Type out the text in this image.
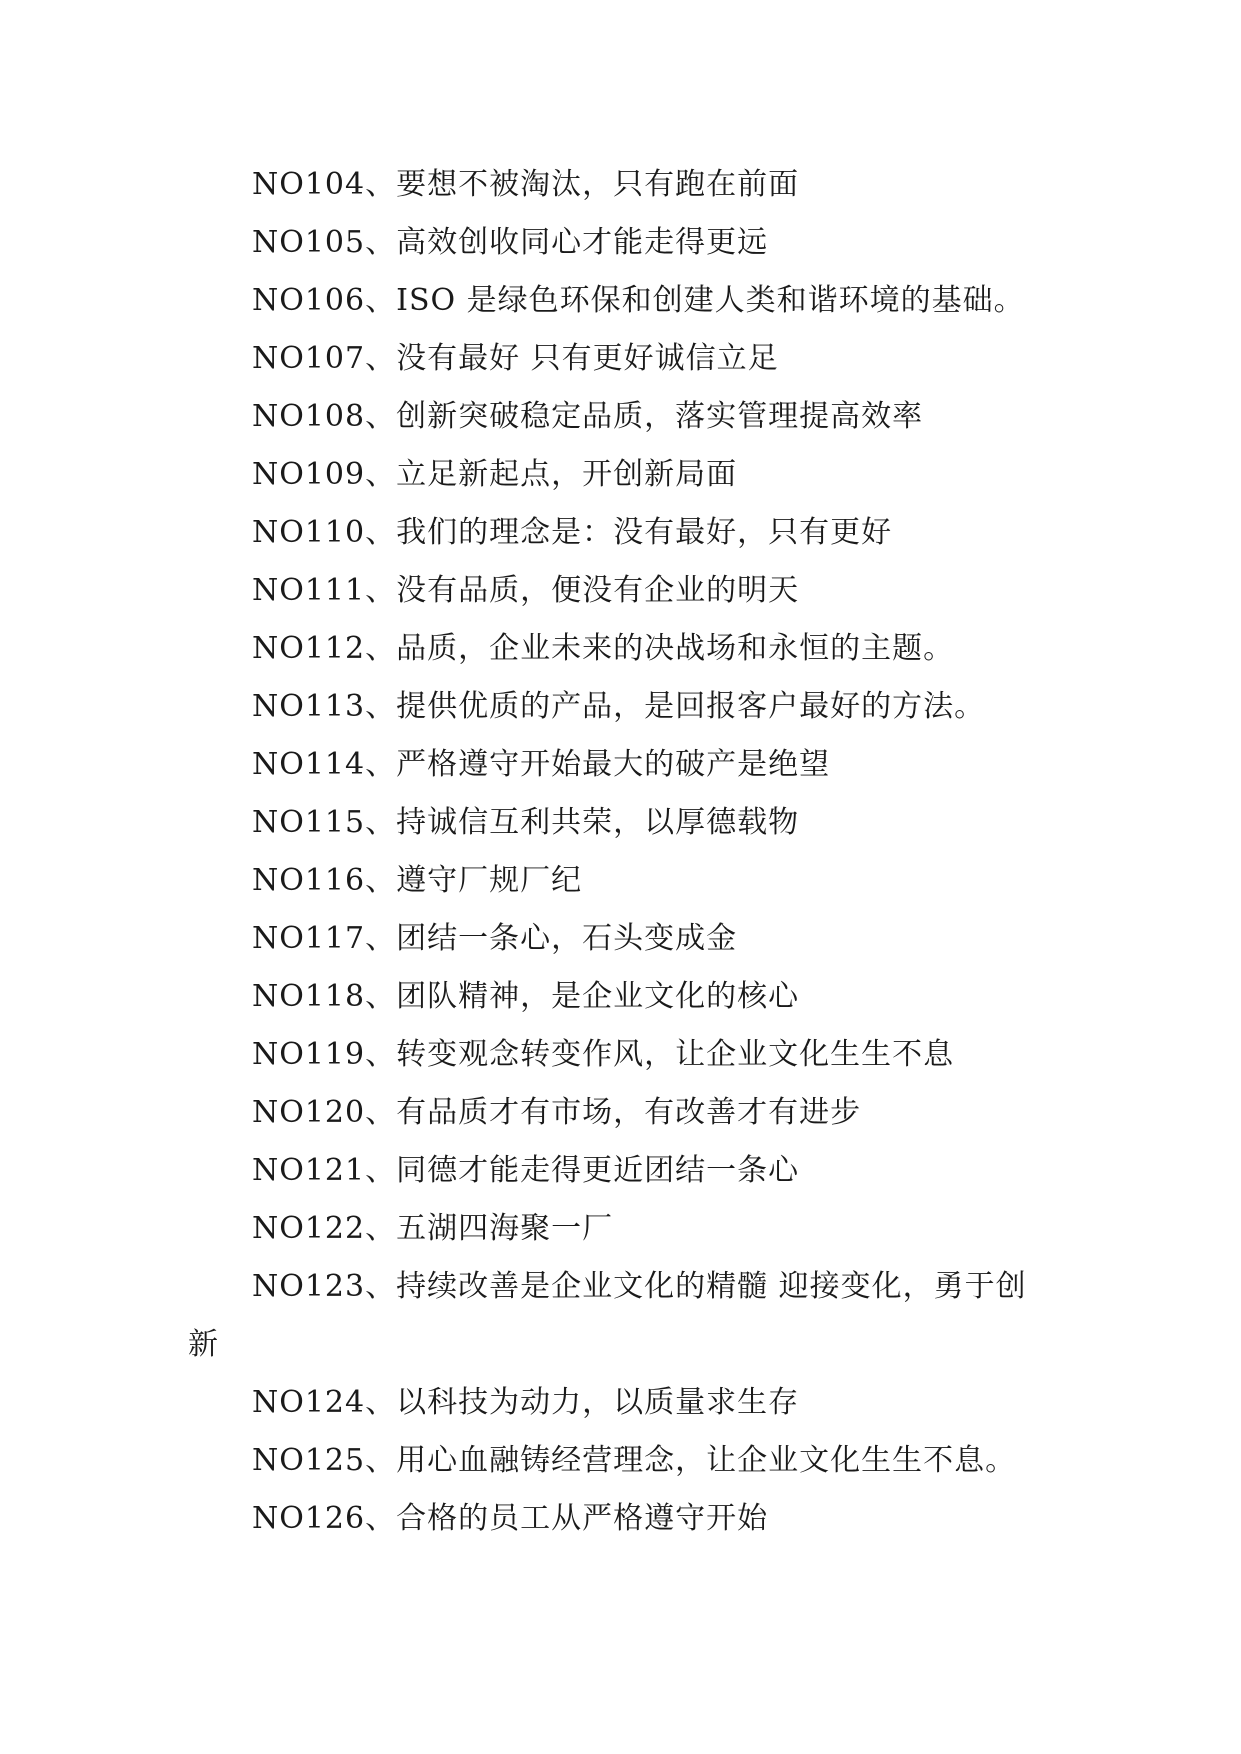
NO104、要想不被淘汰，只有跑在前面
NO105、高效创收同心才能走得更远
NO106、ISO 是绿色环保和创建人类和谐环境的基础。
NO107、没有最好 只有更好诚信立足
NO108、创新突破稳定品质，落实管理提高效率
NO109、立足新起点，开创新局面
NO110、我们的理念是：没有最好，只有更好
NO111、没有品质，便没有企业的明天
NO112、品质，企业未来的决战场和永恒的主题。
NO113、提供优质的产品，是回报客户最好的方法。
NO114、严格遵守开始最大的破产是绝望
NO115、持诚信互利共荣，以厚德载物
NO116、遵守厂规厂纪
NO117、团结一条心，石头变成金
NO118、团队精神，是企业文化的核心
NO119、转变观念转变作风，让企业文化生生不息
NO120、有品质才有市场，有改善才有进步
NO121、同德才能走得更近团结一条心
NO122、五湖四海聚一厂
NO123、持续改善是企业文化的精髓 迎接变化，勇于创
新
NO124、以科技为动力，以质量求生存
NO125、用心血融铸经营理念，让企业文化生生不息。
NO126、合格的员工从严格遵守开始
